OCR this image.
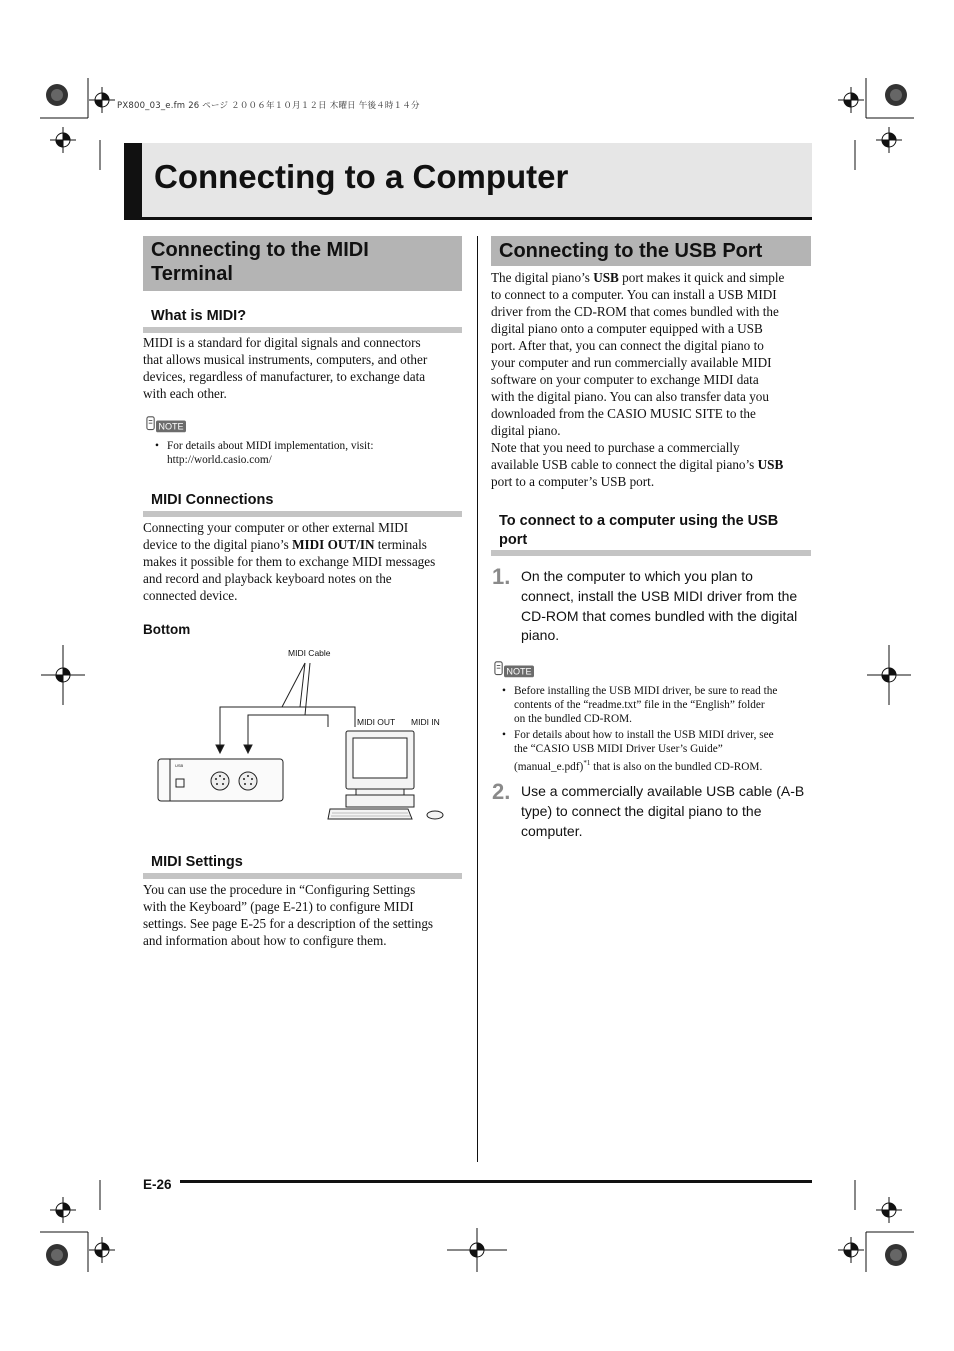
PX800_03_e.fm 26 ページ ２００６年１０月１２日 木曜日 午後４時１４分
Connecting to a Computer
Connecting to the MIDI Terminal
What is MIDI?
MIDI is a standard for digital signals and connectors
that allows musical instruments, computers, and other
devices, regardless of manufacturer, to exchange data
with each other.
NOTE
• For details about MIDI implementation, visit:
http://world.casio.com/
MIDI Connections
Connecting your computer or other external MIDI
device to the digital piano’s MIDI OUT/IN terminals
makes it possible for them to exchange MIDI messages
and record and playback keyboard notes on the
connected device.
Bottom
MIDI Cable
MIDI OUT MIDI IN
USB
MIDI Settings
You can use the procedure in “Configuring Settings
with the Keyboard” (page E-21) to configure MIDI
settings. See page E-25 for a description of the settings
and information about how to configure them.
Connecting to the USB Port
The digital piano’s USB port makes it quick and simple
to connect to a computer. You can install a USB MIDI
driver from the CD-ROM that comes bundled with the
digital piano onto a computer equipped with a USB
port. After that, you can connect the digital piano to
your computer and run commercially available MIDI
software on your computer to exchange MIDI data
with the digital piano. You can also transfer data you
downloaded from the CASIO MUSIC SITE to the
digital piano.
Note that you need to purchase a commercially
available USB cable to connect the digital piano’s USB
port to a computer’s USB port.
To connect to a computer using the USB
port
1. On the computer to which you plan to
connect, install the USB MIDI driver from the
CD-ROM that comes bundled with the digital
piano.
NOTE
• Before installing the USB MIDI driver, be sure to read the
contents of the “readme.txt” file in the “English” folder
on the bundled CD-ROM.
• For details about how to install the USB MIDI driver, see
the “CASIO USB MIDI Driver User’s Guide”
(manual_e.pdf)$^{*1}$ that is also on the bundled CD-ROM.
2. Use a commercially available USB cable (A-B
type) to connect the digital piano to the
computer.
E-26
